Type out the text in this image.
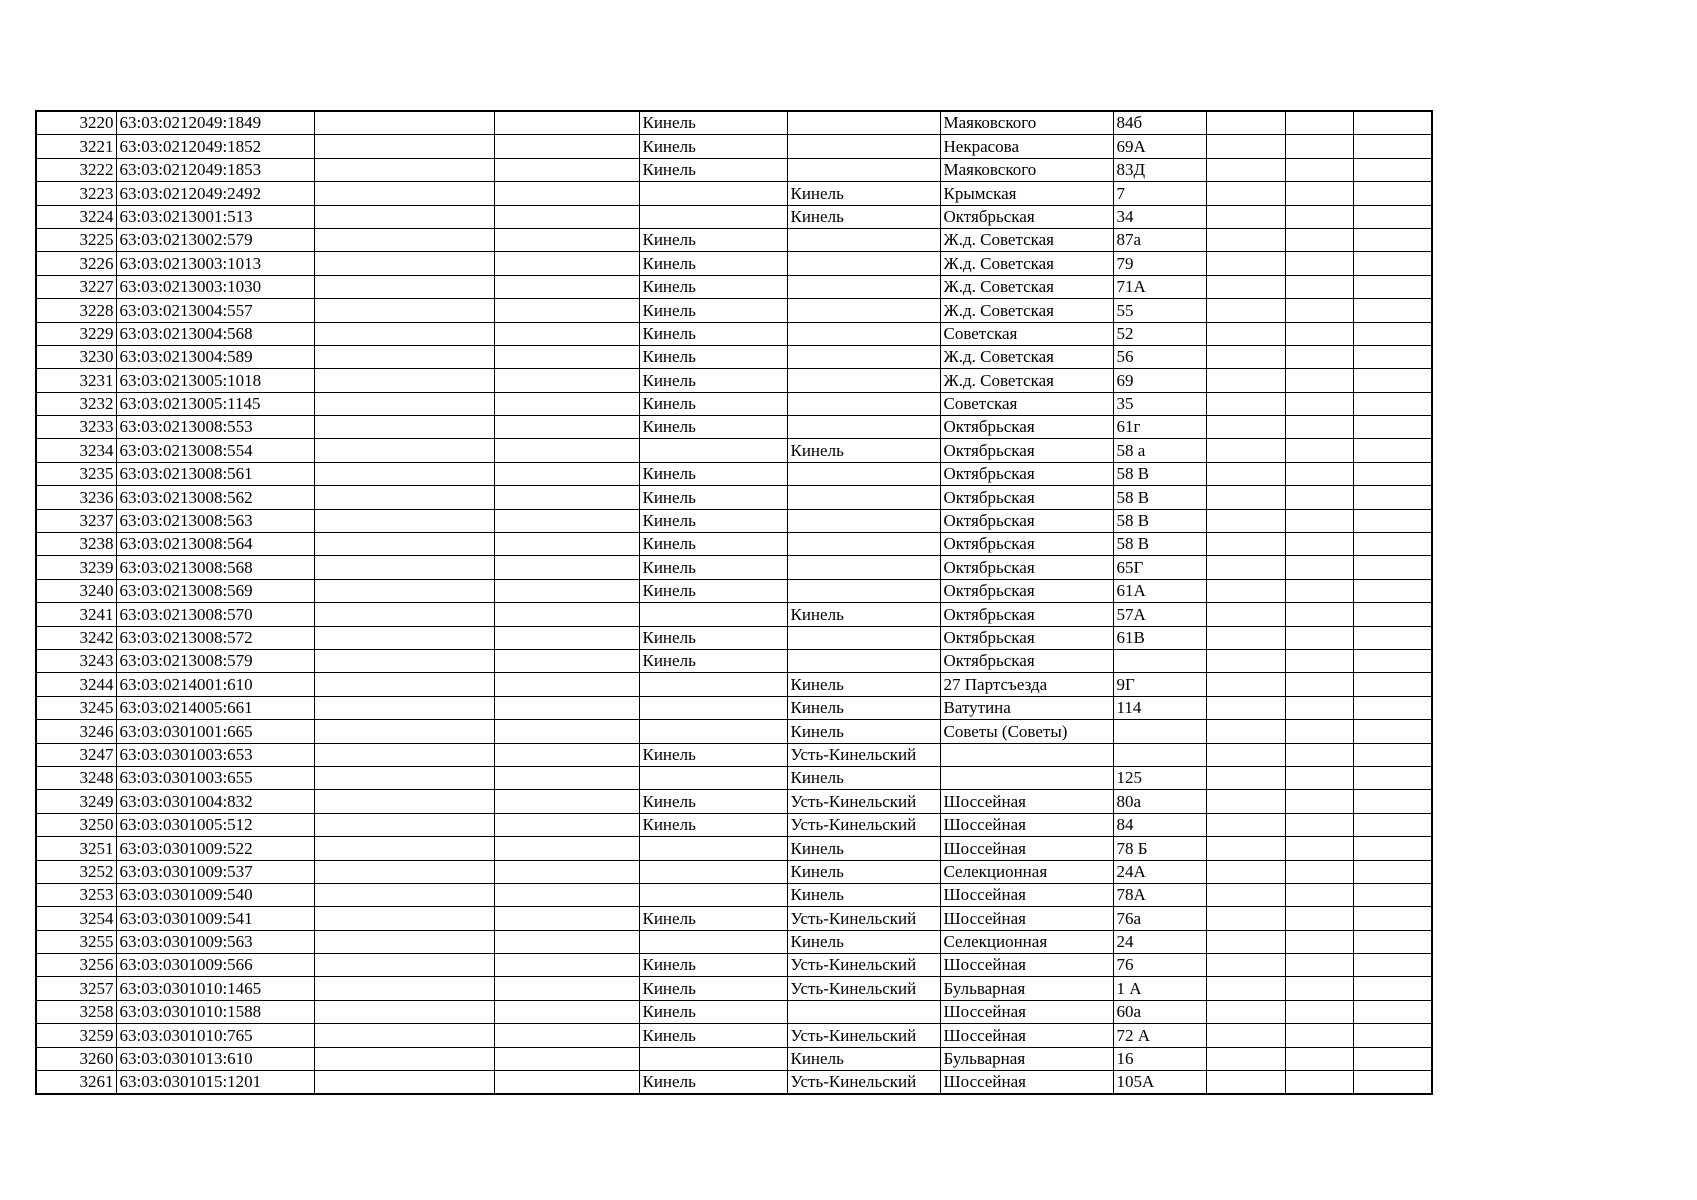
3220	63:03:0212049:1849			Кинель		Маяковского	84б			
3221	63:03:0212049:1852			Кинель		Некрасова	69А			
3222	63:03:0212049:1853			Кинель		Маяковского	83Д			
3223	63:03:0212049:2492				Кинель	Крымская	7			
3224	63:03:0213001:513				Кинель	Октябрьская	34			
3225	63:03:0213002:579			Кинель		Ж.д. Советская	87а			
3226	63:03:0213003:1013			Кинель		Ж.д. Советская	79			
3227	63:03:0213003:1030			Кинель		Ж.д. Советская	71А			
3228	63:03:0213004:557			Кинель		Ж.д. Советская	55			
3229	63:03:0213004:568			Кинель		Советская	52			
3230	63:03:0213004:589			Кинель		Ж.д. Советская	56			
3231	63:03:0213005:1018			Кинель		Ж.д. Советская	69			
3232	63:03:0213005:1145			Кинель		Советская	35			
3233	63:03:0213008:553			Кинель		Октябрьская	61г			
3234	63:03:0213008:554				Кинель	Октябрьская	58 а			
3235	63:03:0213008:561			Кинель		Октябрьская	58 В			
3236	63:03:0213008:562			Кинель		Октябрьская	58 В			
3237	63:03:0213008:563			Кинель		Октябрьская	58 В			
3238	63:03:0213008:564			Кинель		Октябрьская	58 В			
3239	63:03:0213008:568			Кинель		Октябрьская	65Г			
3240	63:03:0213008:569			Кинель		Октябрьская	61А			
3241	63:03:0213008:570				Кинель	Октябрьская	57А			
3242	63:03:0213008:572			Кинель		Октябрьская	61В			
3243	63:03:0213008:579			Кинель		Октябрьская				
3244	63:03:0214001:610				Кинель	27 Партсъезда	9Г			
3245	63:03:0214005:661				Кинель	Ватутина	114			
3246	63:03:0301001:665				Кинель	Советы (Советы)				
3247	63:03:0301003:653			Кинель	Усть-Кинельский					
3248	63:03:0301003:655				Кинель		125			
3249	63:03:0301004:832			Кинель	Усть-Кинельский	Шоссейная	80а			
3250	63:03:0301005:512			Кинель	Усть-Кинельский	Шоссейная	84			
3251	63:03:0301009:522				Кинель	Шоссейная	78 Б			
3252	63:03:0301009:537				Кинель	Селекционная	24А			
3253	63:03:0301009:540				Кинель	Шоссейная	78А			
3254	63:03:0301009:541			Кинель	Усть-Кинельский	Шоссейная	76а			
3255	63:03:0301009:563				Кинель	Селекционная	24			
3256	63:03:0301009:566			Кинель	Усть-Кинельский	Шоссейная	76			
3257	63:03:0301010:1465			Кинель	Усть-Кинельский	Бульварная	1 А			
3258	63:03:0301010:1588			Кинель		Шоссейная	60а			
3259	63:03:0301010:765			Кинель	Усть-Кинельский	Шоссейная	72 А			
3260	63:03:0301013:610				Кинель	Бульварная	16			
3261	63:03:0301015:1201			Кинель	Усть-Кинельский	Шоссейная	105А			
